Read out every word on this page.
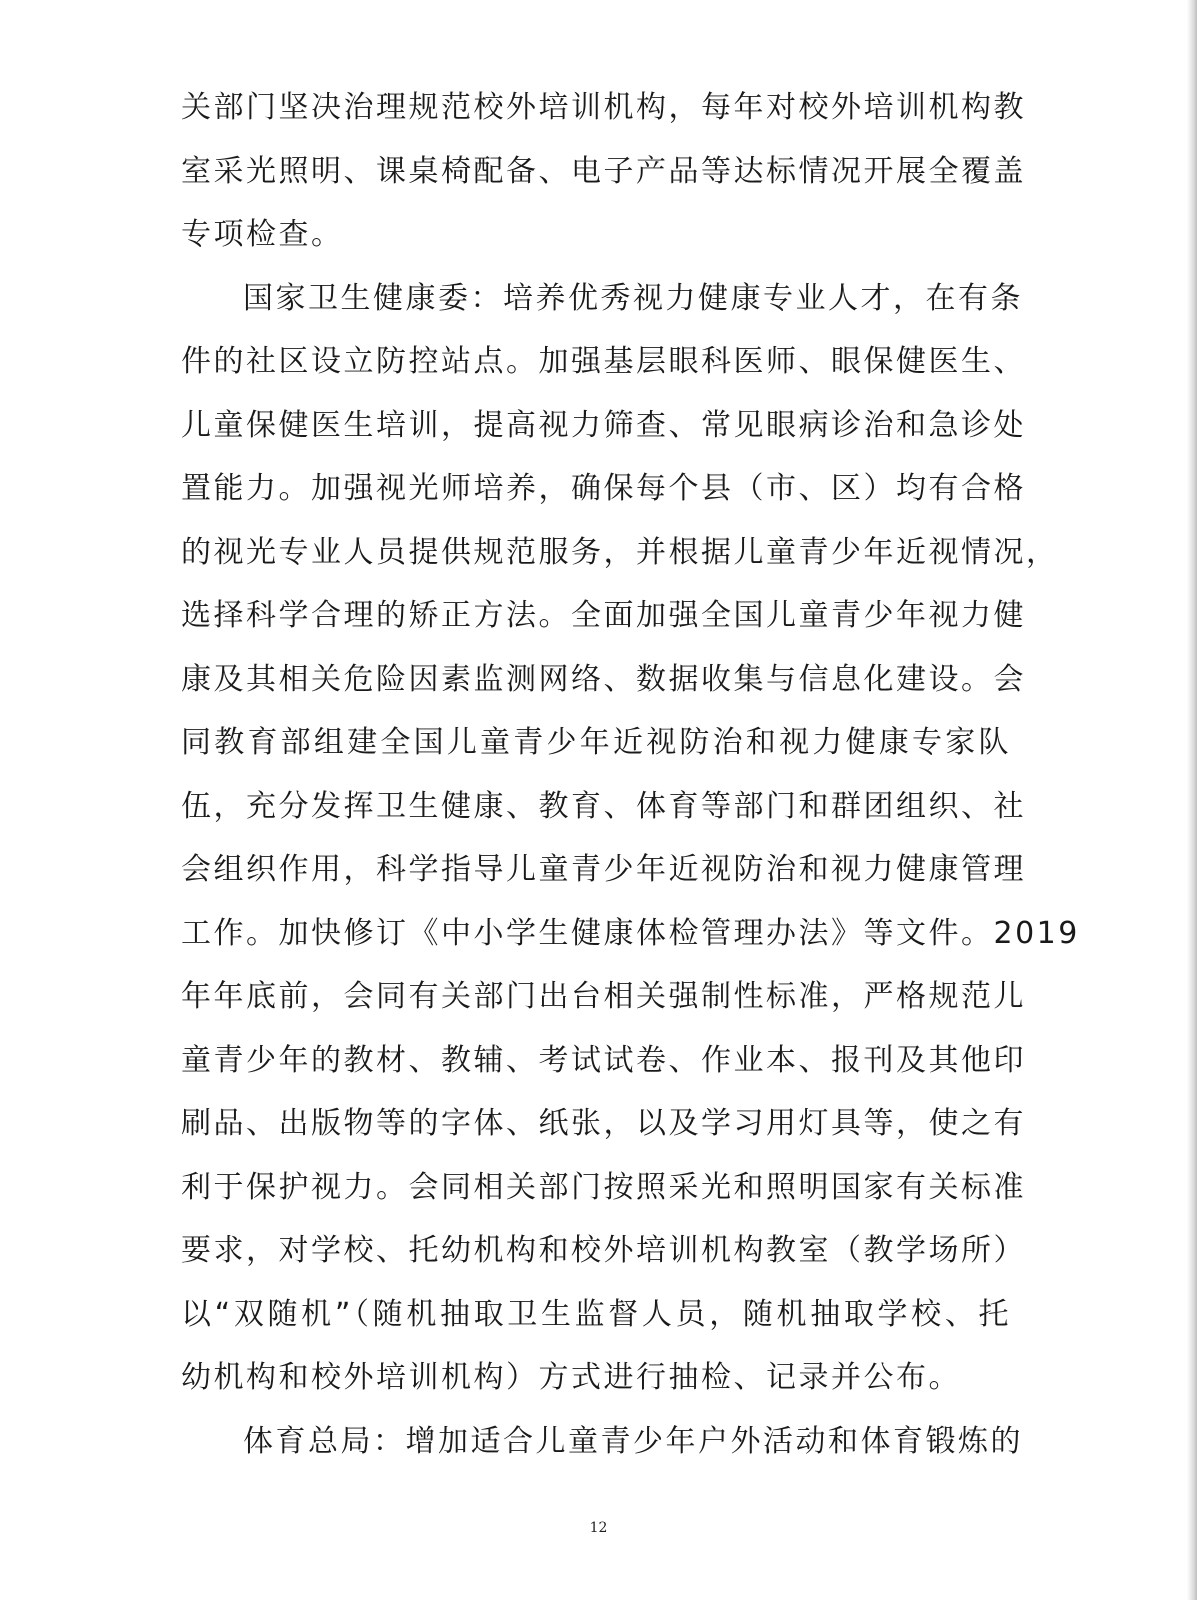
关部门坚决治理规范校外培训机构，每年对校外培训机构教
室采光照明、课桌椅配备、电子产品等达标情况开展全覆盖
专项检查。
国家卫生健康委：培养优秀视力健康专业人才，在有条
件的社区设立防控站点。加强基层眼科医师、眼保健医生、
儿童保健医生培训，提高视力筛查、常见眼病诊治和急诊处
置能力。加强视光师培养，确保每个县（市、区）均有合格
的视光专业人员提供规范服务，并根据儿童青少年近视情况，
选择科学合理的矫正方法。全面加强全国儿童青少年视力健
康及其相关危险因素监测网络、数据收集与信息化建设。会
同教育部组建全国儿童青少年近视防治和视力健康专家队
伍，充分发挥卫生健康、教育、体育等部门和群团组织、社
会组织作用，科学指导儿童青少年近视防治和视力健康管理
工作。加快修订《中小学生健康体检管理办法》等文件。2019
年年底前，会同有关部门出台相关强制性标准，严格规范儿
童青少年的教材、教辅、考试试卷、作业本、报刊及其他印
刷品、出版物等的字体、纸张，以及学习用灯具等，使之有
利于保护视力。会同相关部门按照采光和照明国家有关标准
要求，对学校、托幼机构和校外培训机构教室（教学场所）
以“双随机”（随机抽取卫生监督人员，随机抽取学校、托
幼机构和校外培训机构）方式进行抽检、记录并公布。
体育总局：增加适合儿童青少年户外活动和体育锻炼的
12
